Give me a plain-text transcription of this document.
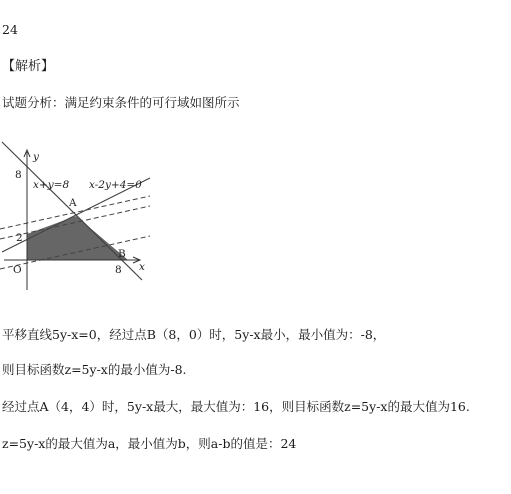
24
【解析】
试题分析：满足约束条件的可行域如图所示
y
x
O
8
2
8
x+y=8 x-2y+4=0
A
B
平移直线5y-x=0，经过点B（8，0）时，5y-x最小，最小值为：-8，
则目标函数z=5y-x的最小值为-8.
经过点A（4，4）时，5y-x最大，最大值为：16，则目标函数z=5y-x的最大值为16.
z=5y-x的最大值为a，最小值为b，则a-b的值是：24
